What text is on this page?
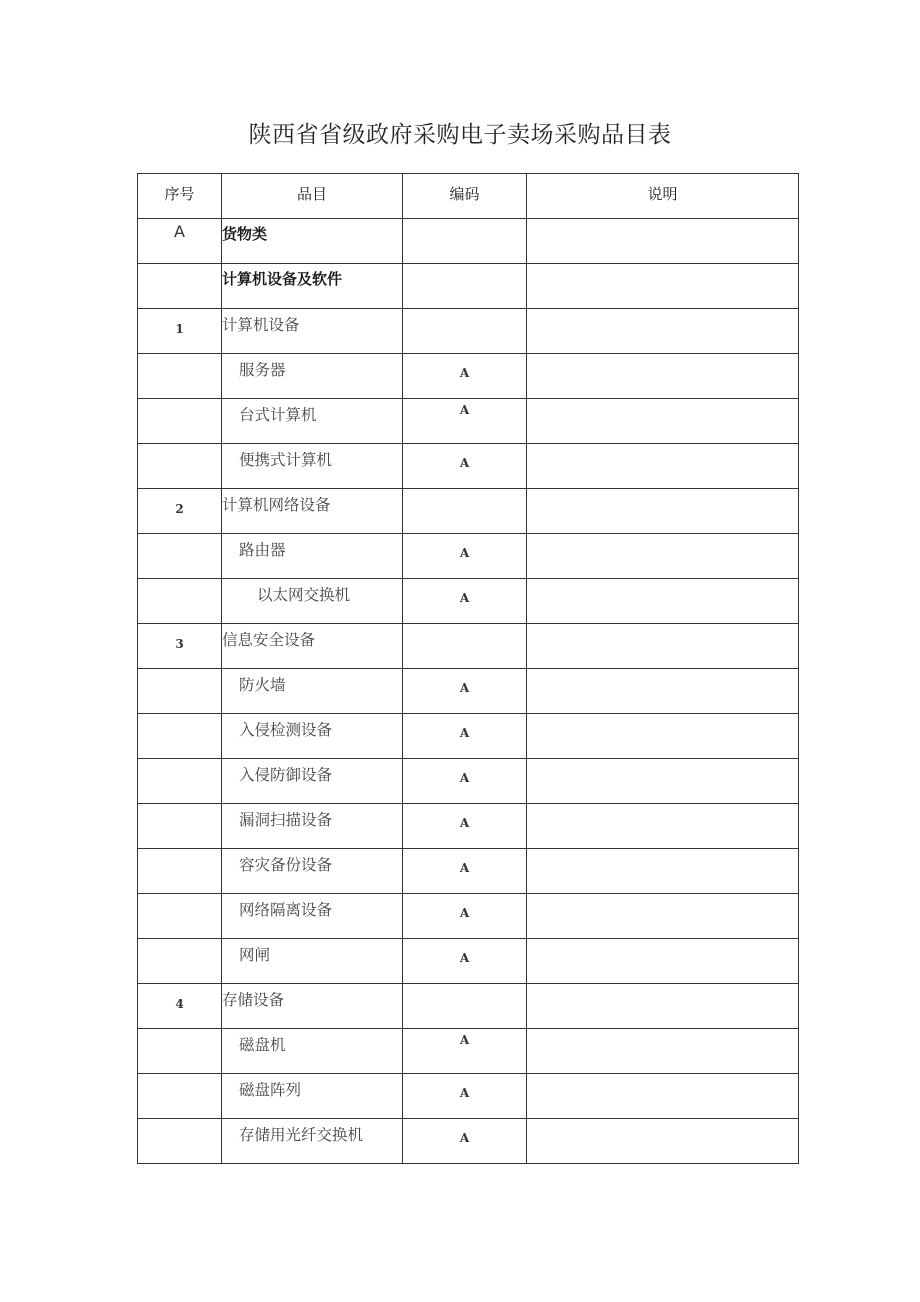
陕西省省级政府采购电子卖场采购品目表
序号	品目	编码	说明
A	货物类		
	计算机设备及软件		
1	计算机设备		
	服务器	A	
	台式计算机	A	
	便携式计算机	A	
2	计算机网络设备		
	路由器	A	
	以太网交换机	A	
3	信息安全设备		
	防火墙	A	
	入侵检测设备	A	
	入侵防御设备	A	
	漏洞扫描设备	A	
	容灾备份设备	A	
	网络隔离设备	A	
	网闸	A	
4	存储设备		
	磁盘机	A	
	磁盘阵列	A	
	存储用光纤交换机	A	
